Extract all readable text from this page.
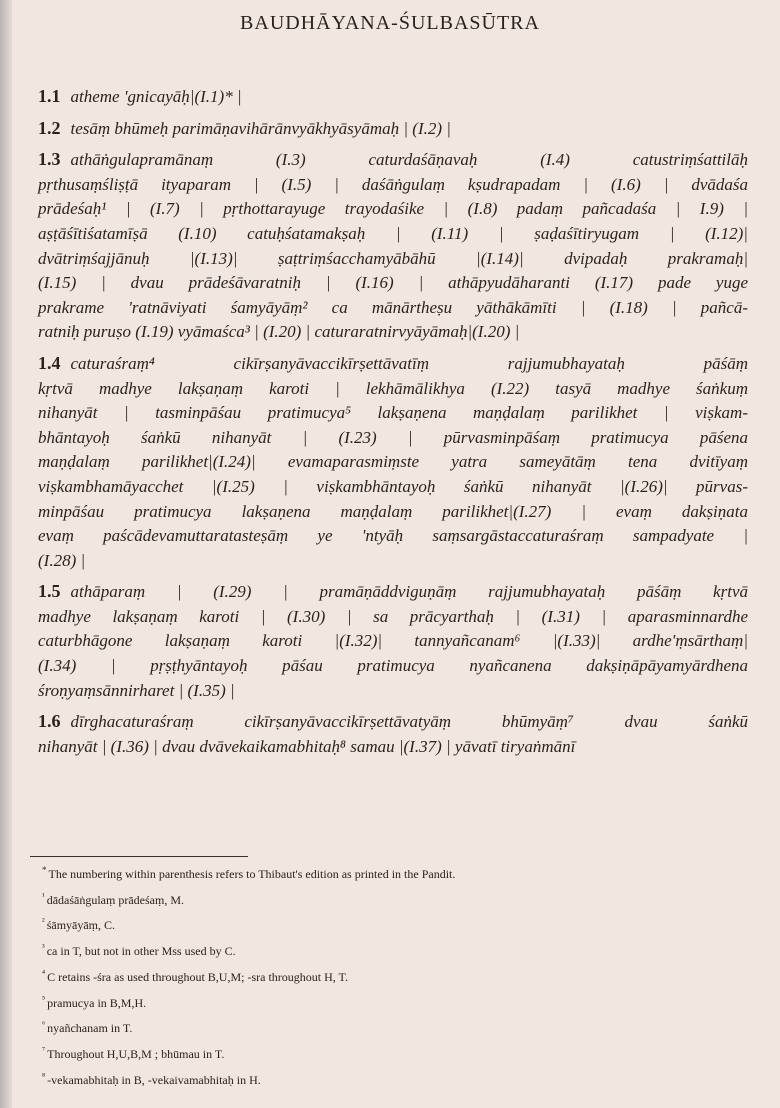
BAUDHĀYANA-ŚULBASŪTRA
1.1 atheme 'gnicayāḥ|(I.1)* |
1.2 tesāṃ bhūmeḥ parimāṇavihārānvyākhyāsyāmaḥ | (I.2) |
1.3 athāṅgulapramānaṃ (I.3) caturdaśāṇavaḥ (I.4) catustriṃśattilāḥ
pṛthusaṃśliṣṭā ityaparam | (I.5) | daśāṅgulaṃ kṣudrapadam | (I.6) | dvādaśa
prādeśaḥ¹ | (I.7) | pṛthottarayuge trayodaśike | (I.8) padaṃ pañcadaśa | I.9) |
aṣṭāśītiśatamīṣā (I.10) catuḥśatamakṣaḥ | (I.11) | ṣaḍaśītiryugam | (I.12)|
dvātriṃśajjānuḥ |(I.13)| ṣaṭtriṃśacchamyābāhū |(I.14)| dvipadaḥ prakramaḥ|
(I.15) | dvau prādeśāvaratniḥ | (I.16) | athāpyudāharanti (I.17) pade yuge
prakrame 'ratnāviyati śamyāyāṃ² ca mānārtheṣu yāthākāmīti | (I.18) | pañcā-
ratniḥ puruṣo (I.19) vyāmaśca³ | (I.20) | caturaratnirvyāyāmaḥ|(I.20) |
1.4 caturaśraṃ⁴ cikīrṣanyāvaccikīrṣettāvatīṃ rajjumubhayataḥ pāśāṃ
kṛtvā madhye lakṣaṇaṃ karoti | lekhāmālikhya (I.22) tasyā madhye śaṅkuṃ
nihanyāt | tasminpāśau pratimucya⁵ lakṣaṇena maṇḍalaṃ parilikhet | viṣkam-
bhāntayoḥ śaṅkū nihanyāt | (I.23) | pūrvasminpāśaṃ pratimucya pāśena
maṇḍalaṃ parilikhet|(I.24)| evamaparasmiṃste yatra sameyātāṃ tena dvitīyaṃ
viṣkambhamāyacchet |(I.25) | viṣkambhāntayoḥ śaṅkū nihanyāt |(I.26)| pūrvas-
minpāśau pratimucya lakṣaṇena maṇḍalaṃ parilikhet|(I.27) | evaṃ dakṣiṇata
evaṃ paścādevamuttaratasteṣāṃ ye 'ntyāḥ saṃsargāstaccaturaśraṃ sampadyate |
(I.28) |
1.5 athāparaṃ | (I.29) | pramāṇāddviguṇāṃ rajjumubhayataḥ pāśāṃ kṛtvā
madhye lakṣaṇaṃ karoti | (I.30) | sa prācyarthaḥ | (I.31) | aparasminnardhe
caturbhāgone lakṣaṇaṃ karoti |(I.32)| tannyañcanam⁶ |(I.33)| ardhe'ṃsārthaṃ|
(I.34) | pṛṣṭhyāntayoḥ pāśau pratimucya nyañcanena dakṣiṇāpāyamyārdhena
śroṇyaṃsānnirharet | (I.35) |
1.6 dīrghacaturaśraṃ cikīrṣanyāvaccikīrṣettāvatyāṃ bhūmyāṃ⁷ dvau śaṅkū
nihanyāt | (I.36) | dvau dvāvekaikamabhitaḥ⁸ samau |(I.37) | yāvatī tiryaṅmānī
* The numbering within parenthesis refers to Thibaut's edition as printed in the Pandit.
$^{^1}$ dādaśāṅgulaṃ prādeśaṃ, M.
$^{^2}$ śāmyāyāṃ, C.
$^{^3}$ ca in T, but not in other Mss used by C.
$^{^4}$ C retains -śra as used throughout B,U,M; -sra throughout H, T.
$^{^5}$ pramucya in B,M,H.
$^{^6}$ nyañchanam in T.
$^{^7}$ Throughout H,U,B,M ; bhūmau in T.
$^{^8}$ -vekamabhitaḥ in B, -vekaivamabhitaḥ in H.
